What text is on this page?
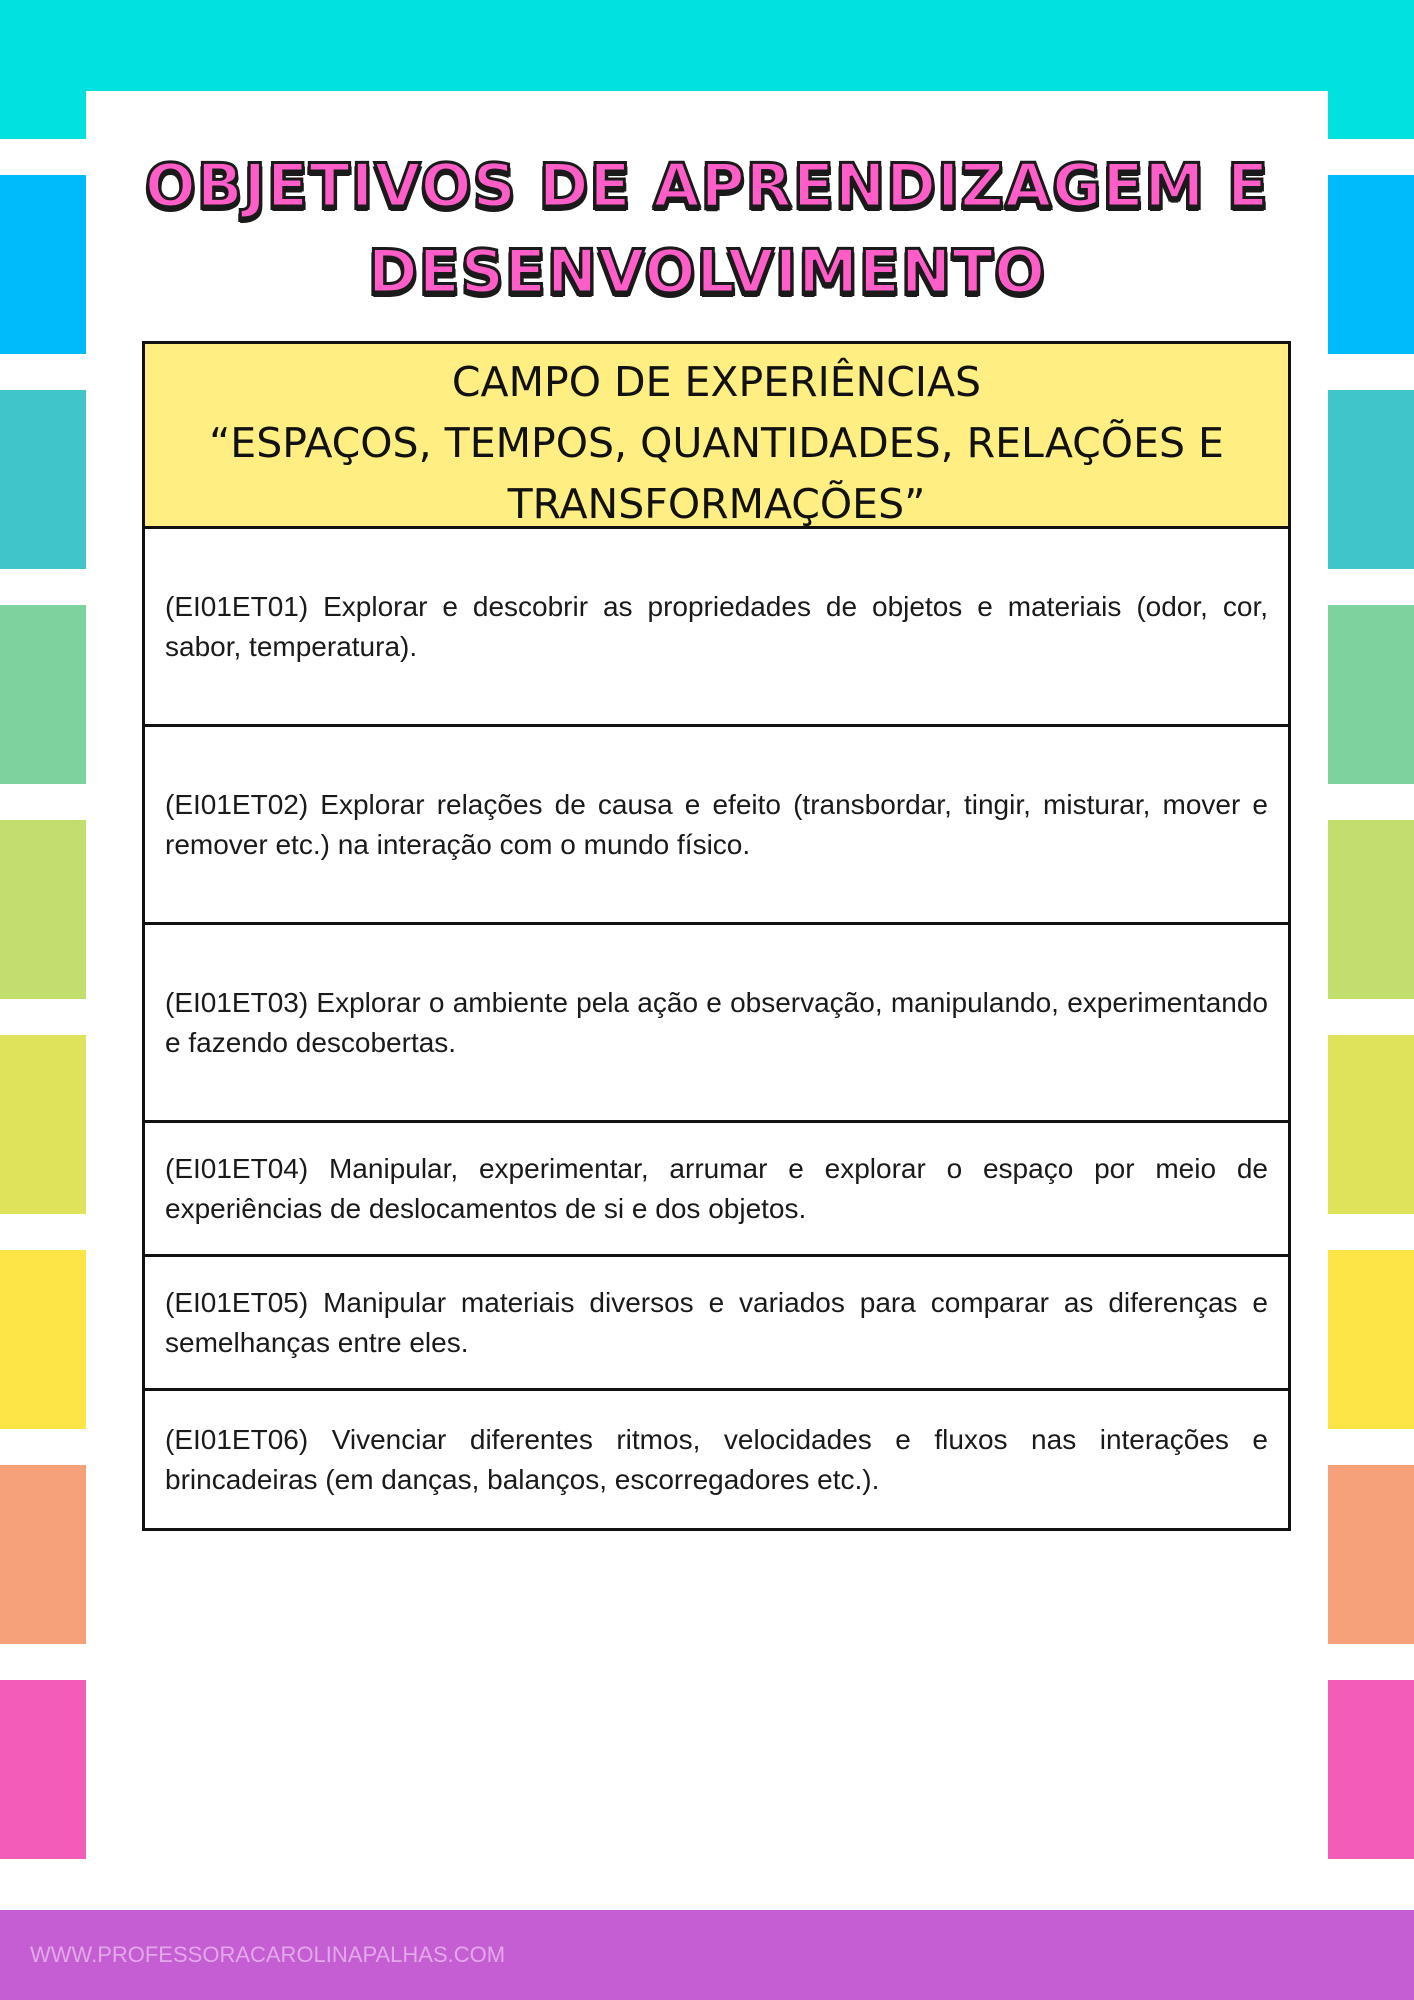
OBJETIVOS DE APRENDIZAGEM E
DESENVOLVIMENTO
CAMPO DE EXPERIÊNCIAS
“ESPAÇOS, TEMPOS, QUANTIDADES, RELAÇÕES E
TRANSFORMAÇÕES”
(EI01ET01) Explorar e descobrir as propriedades de objetos e materiais (odor, cor, sabor, temperatura).
(EI01ET02) Explorar relações de causa e efeito (transbordar, tingir, misturar, mover e remover etc.) na interação com o mundo físico.
(EI01ET03) Explorar o ambiente pela ação e observação, manipulando, experimentando e fazendo descobertas.
(EI01ET04) Manipular, experimentar, arrumar e explorar o espaço por meio de experiências de deslocamentos de si e dos objetos.
(EI01ET05) Manipular materiais diversos e variados para comparar as diferenças e semelhanças entre eles.
(EI01ET06) Vivenciar diferentes ritmos, velocidades e fluxos nas interações e brincadeiras (em danças, balanços, escorregadores etc.).
WWW.PROFESSORACAROLINAPALHAS.COM
